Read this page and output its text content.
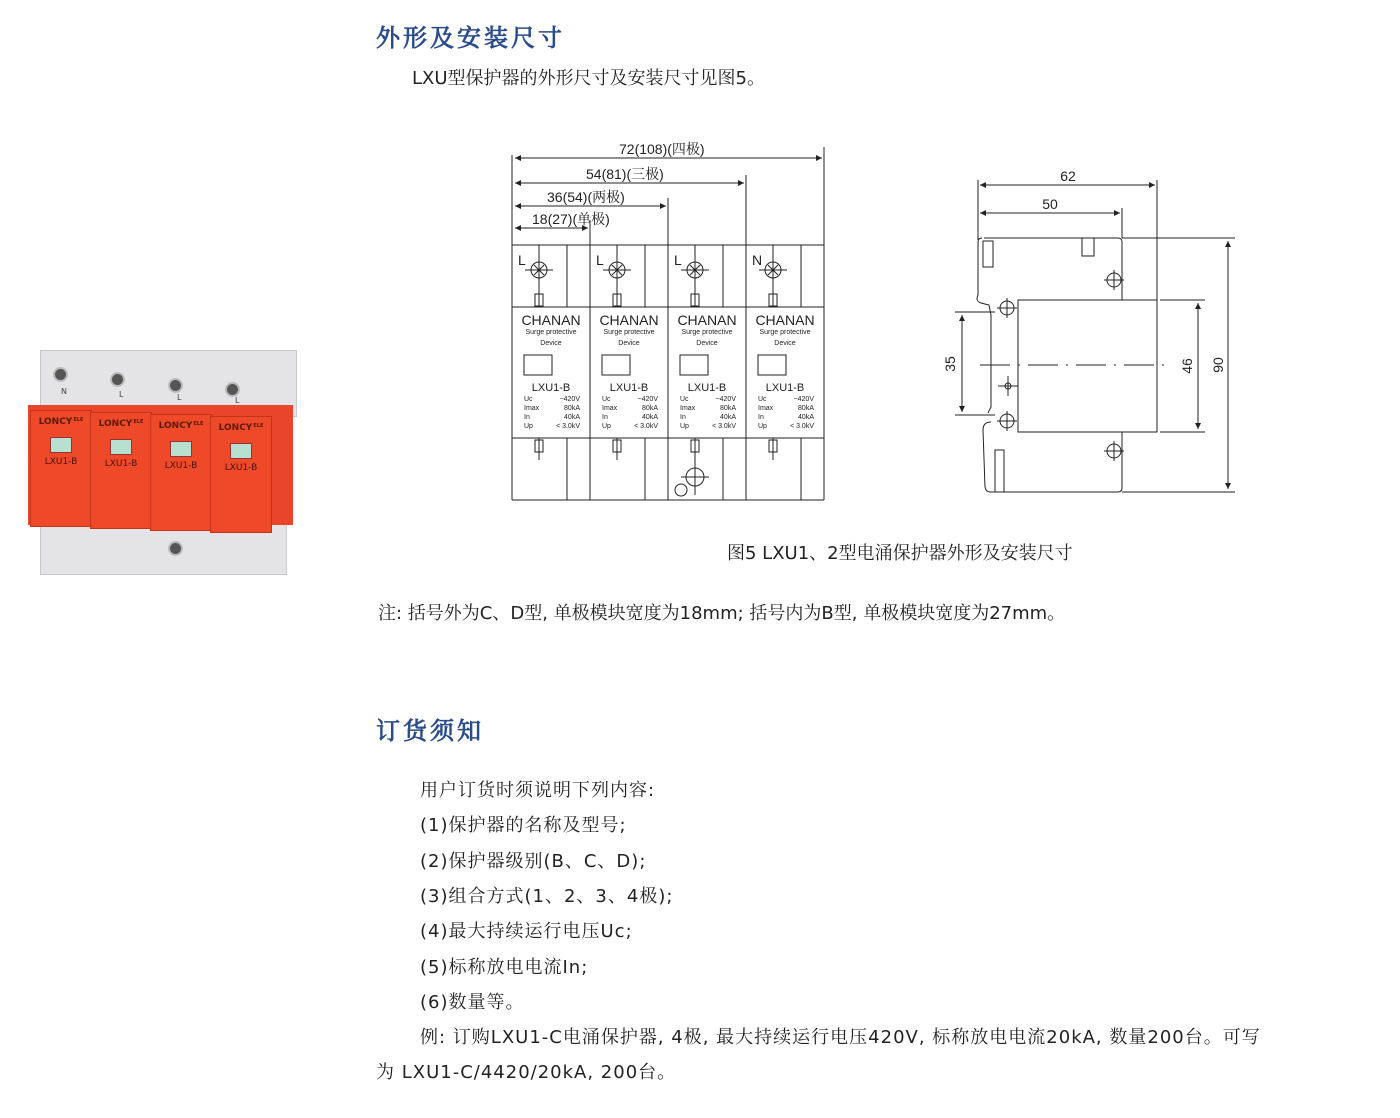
外形及安装尺寸
LXU型保护器的外形尺寸及安装尺寸见图5。
$LONCY^{ELE}$
LXU1-B
N
$LONCY^{ELE}$
LXU1-B
L
$LONCY^{ELE}$
LXU1-B
L
$LONCY^{ELE}$
LXU1-B
L
72(108)(四极)
54(81)(三极)
36(54)(两极)
18(27)(单极)
L
CHANAN
Surge protective
Device
LXU1-B
Uc	~420V
Imax	80kA
In	40kA
Up	< 3.0kV
L
CHANAN
Surge protective
Device
LXU1-B
Uc	~420V
Imax	80kA
In	40kA
Up	< 3.0kV
L
CHANAN
Surge protective
Device
LXU1-B
Uc	~420V
Imax	80kA
In	40kA
Up	< 3.0kV
N
CHANAN
Surge protective
Device
LXU1-B
Uc	~420V
Imax	80kA
In	40kA
Up	< 3.0kV
62
50
35	46 90
图5 LXU1、2型电涌保护器外形及安装尺寸
注: 括号外为C、D型, 单极模块宽度为18mm; 括号内为B型, 单极模块宽度为27mm。
订货须知
用户订货时须说明下列内容:
(1)保护器的名称及型号;
(2)保护器级别(B、C、D);
(3)组合方式(1、2、3、4极);
(4)最大持续运行电压Uc;
(5)标称放电电流In;
(6)数量等。
例: 订购LXU1-C电涌保护器, 4极, 最大持续运行电压420V, 标称放电电流20kA, 数量200台。可写
为 LXU1-C/4420/20kA, 200台。
